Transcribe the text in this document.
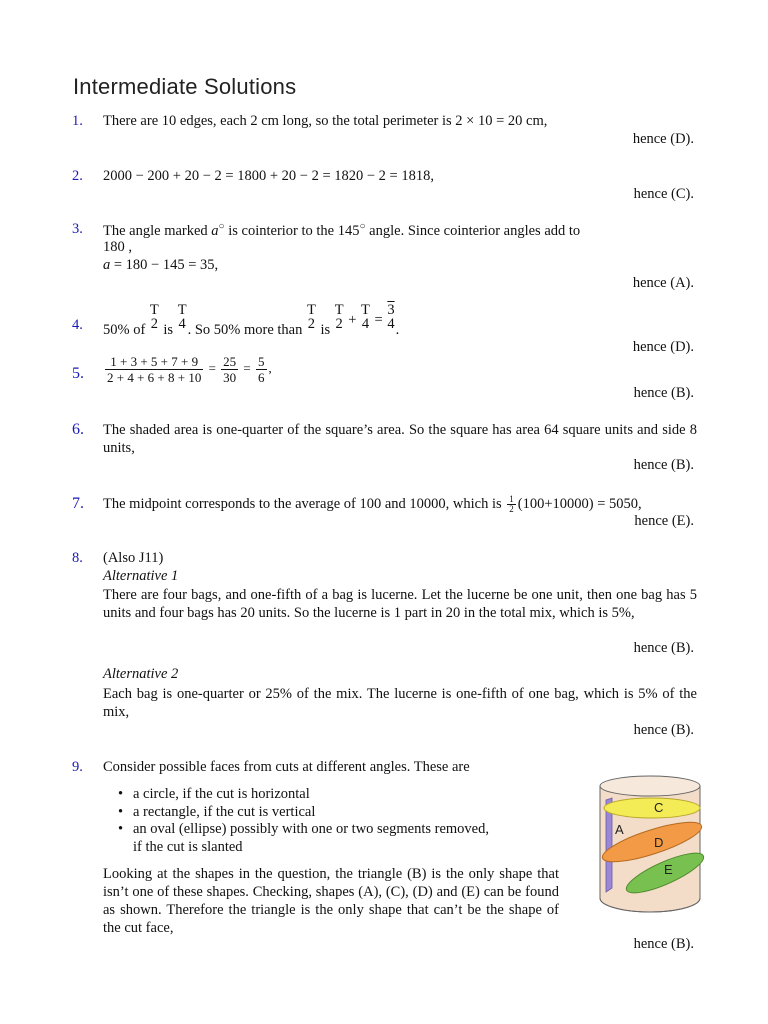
Intermediate Solutions
1. There are 10 edges, each 2 cm long, so the total perimeter is 2 × 10 = 20 cm,
hence (D).
2. 2000 − 200 + 20 − 2 = 1800 + 20 − 2 = 1820 − 2 = 1818,
hence (C).
3. The angle marked a○ is cointerior to the 145○ angle. Since cointerior angles add to
180 ,
a = 180 − 145 = 35,
hence (A).
4. 50% of
T
2 is
T
4 . So 50% more than
T
2 is
T
2 +
T
4 =
3
4 .
hence (D).
5. $\frac{1 + 3 + 5 + 7 + 9}{2 + 4 + 6 + 8 + 10} = \frac{25}{30} = \frac{5}{6}$ ,
hence (B).
6. The shaded area is one-quarter of the square’s area. So the square has area 64 square units and side 8 units,
hence (B).
7. The midpoint corresponds to the average of 100 and 10000, which is $\frac{1}{2} (100+10000) = 5050$,
hence (E).
8. (Also J11)
Alternative 1
There are four bags, and one-fifth of a bag is lucerne. Let the lucerne be one unit, then one bag has 5 units and four bags has 20 units. So the lucerne is 1 part in 20 in the total mix, which is 5%,
hence (B).
Alternative 2
Each bag is one-quarter or 25% of the mix. The lucerne is one-fifth of one bag, which is 5% of the mix,
hence (B).
9. Consider possible faces from cuts at different angles. These are
• a circle, if the cut is horizontal
• a rectangle, if the cut is vertical
• an oval (ellipse) possibly with one or two segments removed,
if the cut is slanted
Looking at the shapes in the question, the triangle (B) is the only shape that isn’t one of these shapes. Checking, shapes (A), (C), (D) and (E) can be found as shown. Therefore the triangle is the only shape that can’t be the shape of the cut face,
hence (B).
C
A
D
E
